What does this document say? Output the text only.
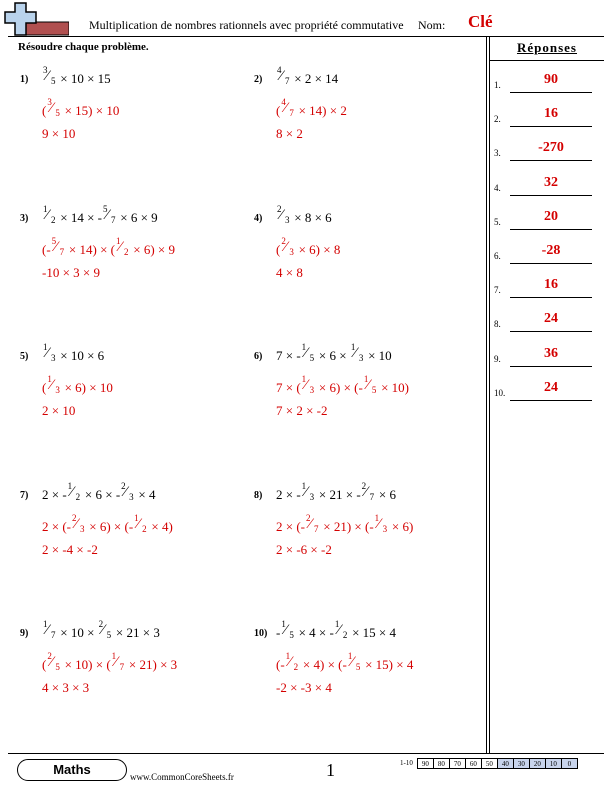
Multiplication de nombres rationnels avec propriété commutative Nom: Clé
Résoudre chaque problème.	Réponses
1.	90
2.	16
3.	-270
4.	32
5.	20
6.	-28
7.	16
8.	24
9.	36
10.	24
1)
3
⁄ 5 × 10 × 15
(
3
⁄ 5 × 15) × 10
9 × 10
2)
4
⁄ 7 × 2 × 14
(
4
⁄ 7 × 14) × 2
8 × 2
3)
1
⁄ 2 × 14 × -
5
⁄ 7 × 6 × 9
(-
5
⁄ 7 × 14) × (
1
⁄ 2 × 6) × 9
-10 × 3 × 9
4)
2
⁄ 3 × 8 × 6
(
2
⁄ 3 × 6) × 8
4 × 8
5)
1
⁄ 3 × 10 × 6
(
1
⁄ 3 × 6) × 10
2 × 10
6) 7 × -
1
⁄ 5 × 6 ×
1
⁄ 3 × 10
7 × (
1
⁄ 3 × 6) × (-
1
⁄ 5 × 10)
7 × 2 × -2
7) 2 × -
1
⁄ 2 × 6 × -
2
⁄ 3 × 4
2 × (-
2
⁄ 3 × 6) × (-
1
⁄ 2 × 4)
2 × -4 × -2
8) 2 × -
1
⁄ 3 × 21 × -
2
⁄ 7 × 6
2 × (-
2
⁄ 7 × 21) × (-
1
⁄ 3 × 6)
2 × -6 × -2
9)
1
⁄ 7 × 10 ×
2
⁄ 5 × 21 × 3
(
2
⁄ 5 × 10) × (
1
⁄ 7 × 21) × 3
4 × 3 × 3
10) -
1
⁄ 5 × 4 × -
1
⁄ 2 × 15 × 4
(-
1
⁄ 2 × 4) × (-
1
⁄ 5 × 15) × 4
-2 × -3 × 4
Maths	www.CommonCoreSheets.fr	1	1-10	90	80	70	60	50	40	30	20	10	0
